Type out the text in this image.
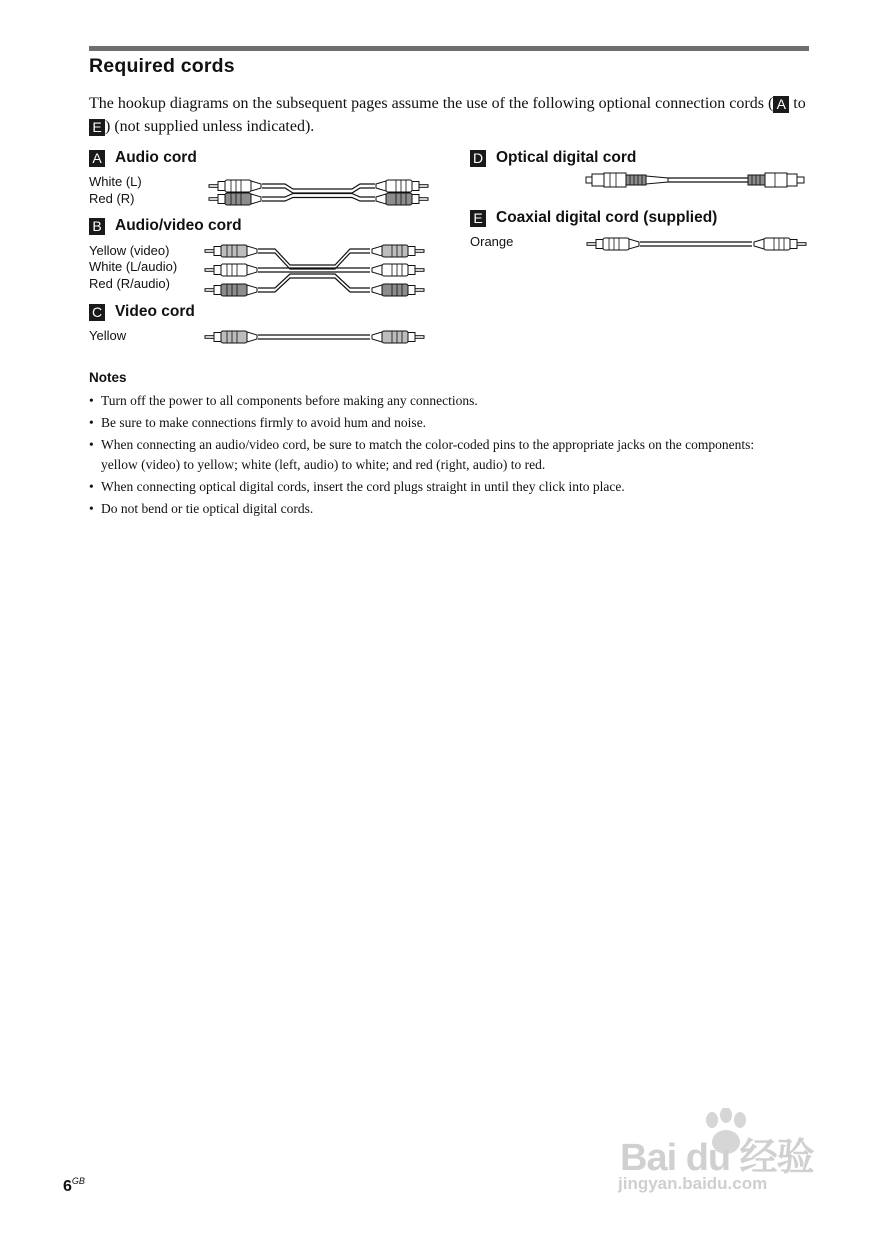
Required cords
The hookup diagrams on the subsequent pages assume the use of the following optional connection cords ( A to E ) (not supplied unless indicated).
A Audio cord
White (L)
Red (R)
B Audio/video cord
Yellow (video)
White (L/audio)
Red (R/audio)
C Video cord
Yellow
D Optical digital cord
E Coaxial digital cord (supplied)
Orange
Notes
• Turn off the power to all components before making any connections.
• Be sure to make connections firmly to avoid hum and noise.
• When connecting an audio/video cord, be sure to match the color-coded pins to the appropriate jacks on the components: yellow (video) to yellow; white (left, audio) to white; and red (right, audio) to red.
• When connecting optical digital cords, insert the cord plugs straight in until they click into place.
• Do not bend or tie optical digital cords.
$6^{GB}$
Bai du 经验
jingyan.baidu.com
